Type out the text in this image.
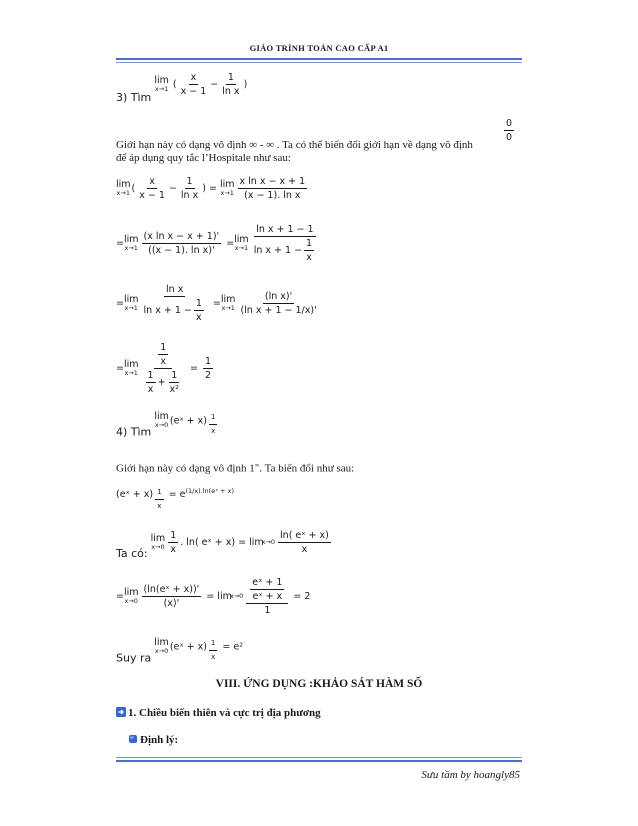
GIÁO TRÌNH TOÁN CAO CẤP A1
3) Tìm
lim
x→1 ( $\frac{x}{x - 1} - \frac{1}{\text{ln x}}$ )
Giới hạn này có dạng vô định ∞ - ∞ . Ta có thể biến đổi giới hạn về dạng vô định
$\frac{0}{0}$
để áp dụng quy tắc l’Hospitale như sau:
lim
x→1 ( $\frac{x}{x - 1} - \frac{1}{\text{ln x}}$ ) = lim
$x\to 1 \frac{\text{x ln x − x + 1}}{\text{(x − 1). ln x}}$
= lim
$x\to 1 \frac{\text{(x ln x − x + 1)'}}{\text{((x − 1). ln x)'}} = \lim$
$x\to 1 \frac{\text{ln x + 1 − 1}}{\ln x + 1 - \frac{1}{x}}$
= lim
$x\to 1 \frac{\text{ln x}}{\ln x + 1 - \frac{1}{x}} = \lim$
$x\to 1 \frac{\text{(ln x)'}}{\text{(ln x + 1 − 1/x)'}}$
= lim
$x\to 1 \frac{\frac{1}{x}}{\frac{1}{x} + \frac{1}{\text{x²}}} = \frac{1}{2}$
4) Tìm
lim
x→0 (eˣ + $x) \frac{1}{x}$
Giới hạn này có dạng vô định 1∞. Ta biến đổi như sau:
(eˣ + $x) \frac{1}{x} = e^{(1/x).ln(eˣ + x)}$
Ta có:
lim
$x\to 0 \frac{1}{x}$ . ln( eˣ + x) = lim
$x\to 0 \frac{\text{ln( eˣ + x)}}{x}$
= lim
$x\to 0 \frac{\text{(ln(eˣ + x))'}}{(x)'} = \lim$
$x\to 0 \frac{\frac{\text{eˣ + 1}}{\text{eˣ + x}}}{1} = 2$
Suy ra
lim
x→0 (eˣ + $x) \frac{1}{x} = e^2$
VIII. ỨNG DỤNG :KHẢO SÁT HÀM SỐ
1. Chiều biến thiên và cực trị địa phương
Định lý:
Sưu tầm by hoangly85
